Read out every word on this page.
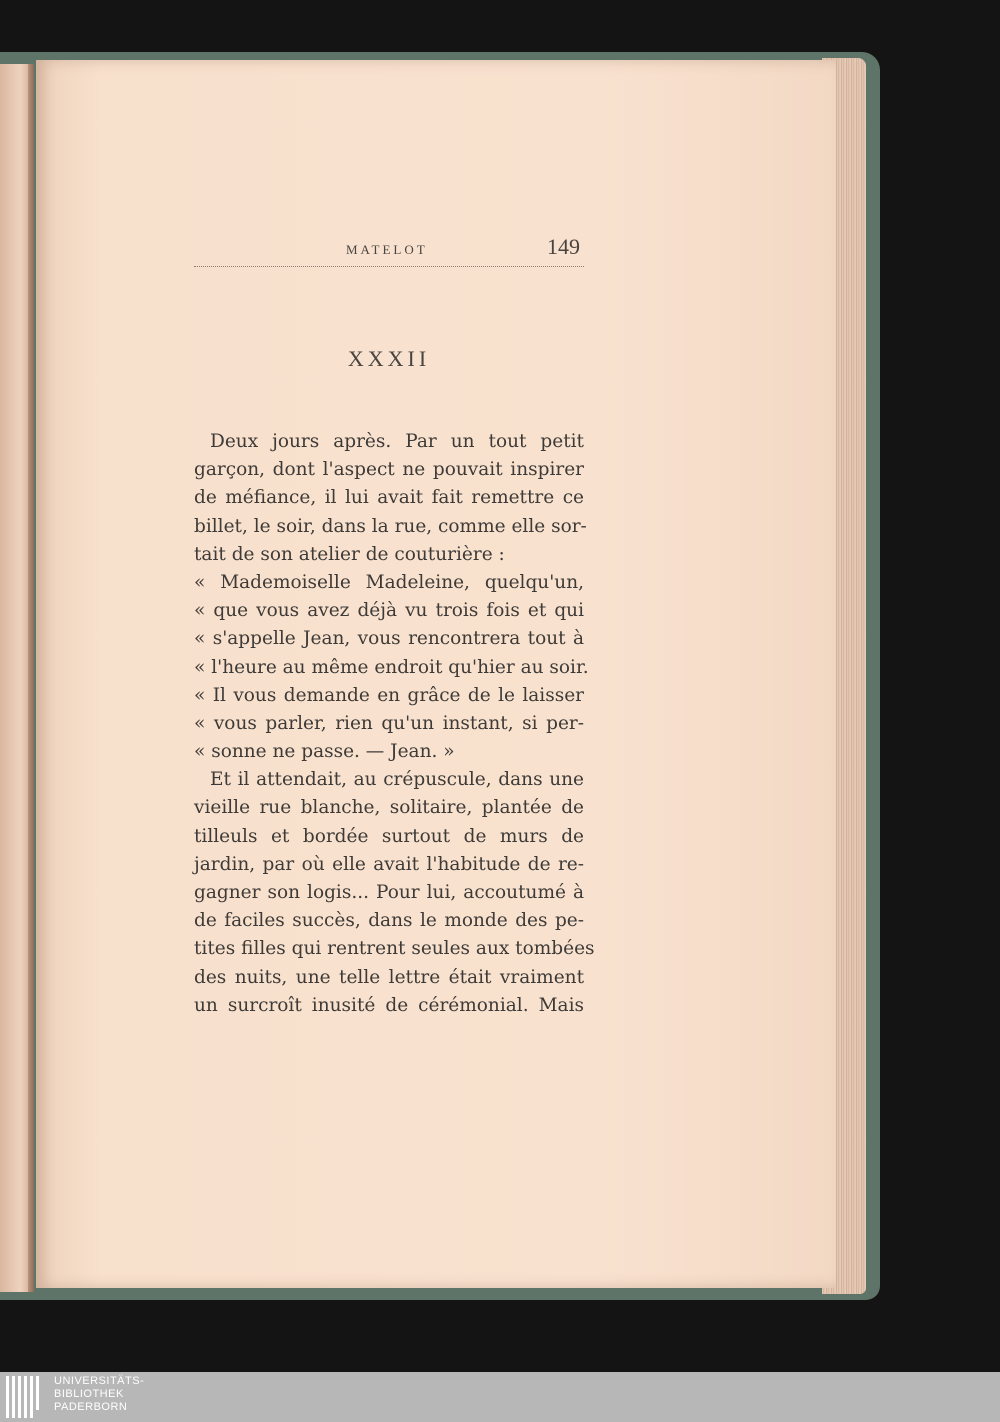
MATELOT	149
XXXII
Deux jours après. Par un tout petit
garçon, dont l'aspect ne pouvait inspirer
de méfiance, il lui avait fait remettre ce
billet, le soir, dans la rue, comme elle sor-
tait de son atelier de couturière :
« Mademoiselle Madeleine, quelqu'un,
« que vous avez déjà vu trois fois et qui
« s'appelle Jean, vous rencontrera tout à
« l'heure au même endroit qu'hier au soir.
« Il vous demande en grâce de le laisser
« vous parler, rien qu'un instant, si per-
« sonne ne passe. — Jean. »
Et il attendait, au crépuscule, dans une
vieille rue blanche, solitaire, plantée de
tilleuls et bordée surtout de murs de
jardin, par où elle avait l'habitude de re-
gagner son logis... Pour lui, accoutumé à
de faciles succès, dans le monde des pe-
tites filles qui rentrent seules aux tombées
des nuits, une telle lettre était vraiment
un surcroît inusité de cérémonial. Mais
UNIVERSITÄTS-
BIBLIOTHEK
PADERBORN
